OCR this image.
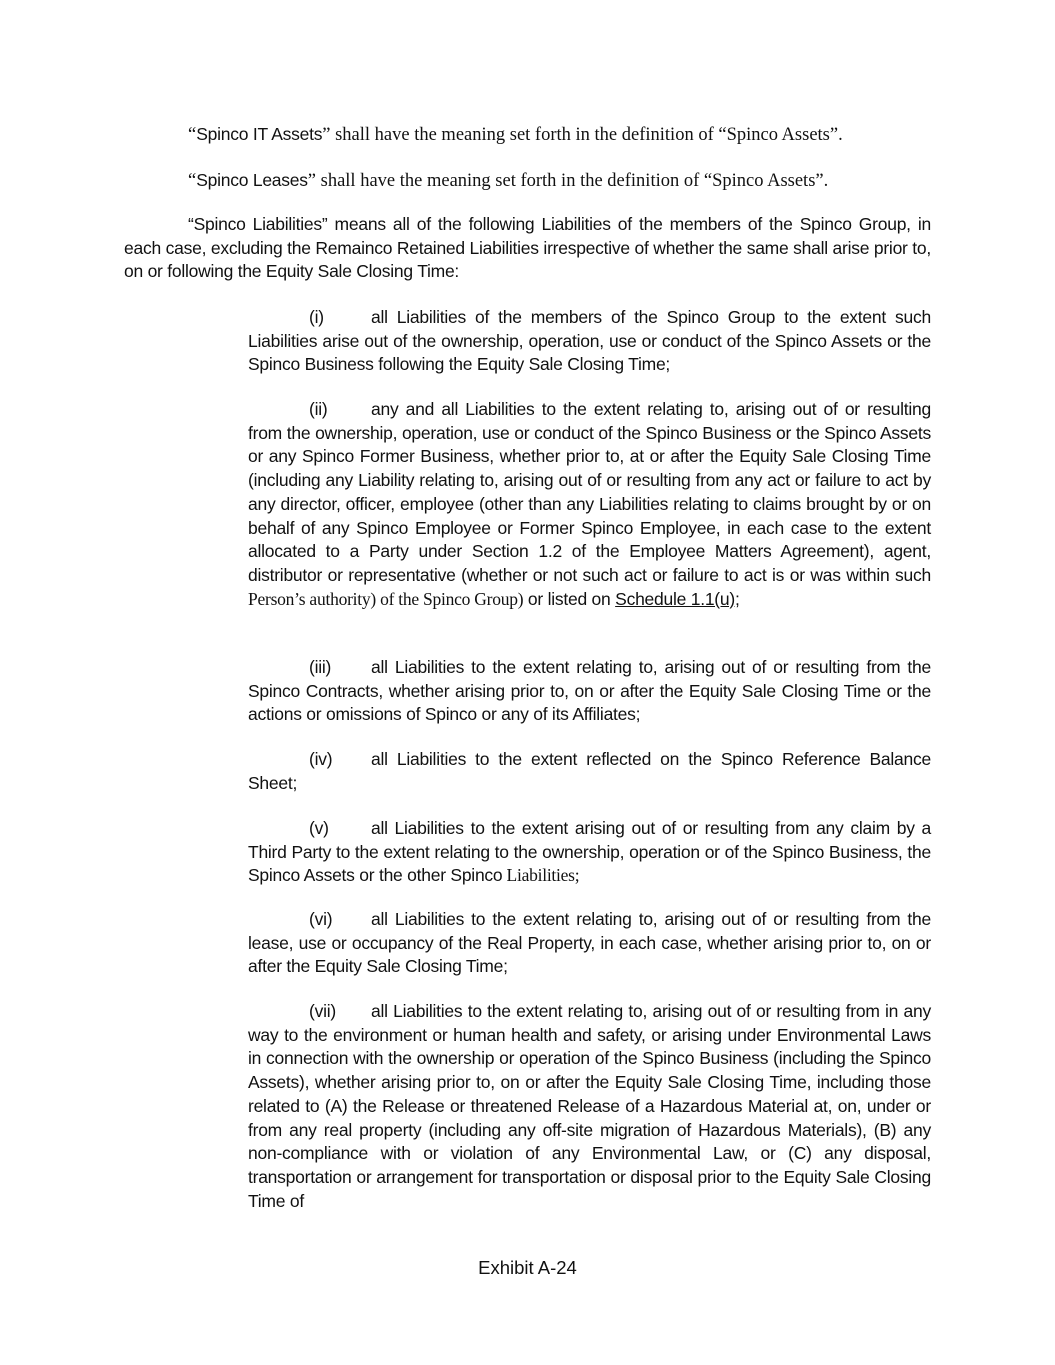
“Spinco IT Assets” shall have the meaning set forth in the definition of “Spinco Assets”.

“Spinco Leases” shall have the meaning set forth in the definition of “Spinco Assets”.

“Spinco Liabilities” means all of the following Liabilities of the members of the Spinco Group, in each case, excluding the Remainco Retained Liabilities irrespective of whether the same shall arise prior to, on or following the Equity Sale Closing Time:

(i)	all Liabilities of the members of the Spinco Group to the extent such Liabilities arise out of the ownership, operation, use or conduct of the Spinco Assets or the Spinco Business following the Equity Sale Closing Time;

(ii) any and all Liabilities to the extent relating to, arising out of or resulting from the ownership, operation, use or conduct of the Spinco Business or the Spinco Assets or any Spinco Former Business, whether prior to, at or after the Equity Sale Closing Time (including any Liability relating to, arising out of or resulting from any act or failure to act by any director, officer, employee (other than any Liabilities relating to claims brought by or on behalf of any Spinco Employee or Former Spinco Employee, in each case to the extent allocated to a Party under Section 1.2 of the Employee Matters Agreement), agent, distributor or representative (whether or not such act or failure to act is or was within such Person’s authority) of the Spinco Group) or listed on Schedule 1.1(u);

(iii) all Liabilities to the extent relating to, arising out of or resulting from the Spinco Contracts, whether arising prior to, on or after the Equity Sale Closing Time or the actions or omissions of Spinco or any of its Affiliates;

(iv) all Liabilities to the extent reflected on the Spinco Reference Balance Sheet;

(v) all Liabilities to the extent arising out of or resulting from any claim by a Third Party to the extent relating to the ownership, operation or of the Spinco Business, the Spinco Assets or the other Spinco Liabilities;

(vi) all Liabilities to the extent relating to, arising out of or resulting from the lease, use or occupancy of the Real Property, in each case, whether arising prior to, on or after the Equity Sale Closing Time;

(vii) all Liabilities to the extent relating to, arising out of or resulting from in any way to the environment or human health and safety, or arising under Environmental Laws in connection with the ownership or operation of the Spinco Business (including the Spinco Assets), whether arising prior to, on or after the Equity Sale Closing Time, including those related to (A) the Release or threatened Release of a Hazardous Material at, on, under or from any real property (including any off-site migration of Hazardous Materials), (B) any non-compliance with or violation of any Environmental Law, or (C) any disposal, transportation or arrangement for transportation or disposal prior to the Equity Sale Closing Time of

Exhibit A-24
